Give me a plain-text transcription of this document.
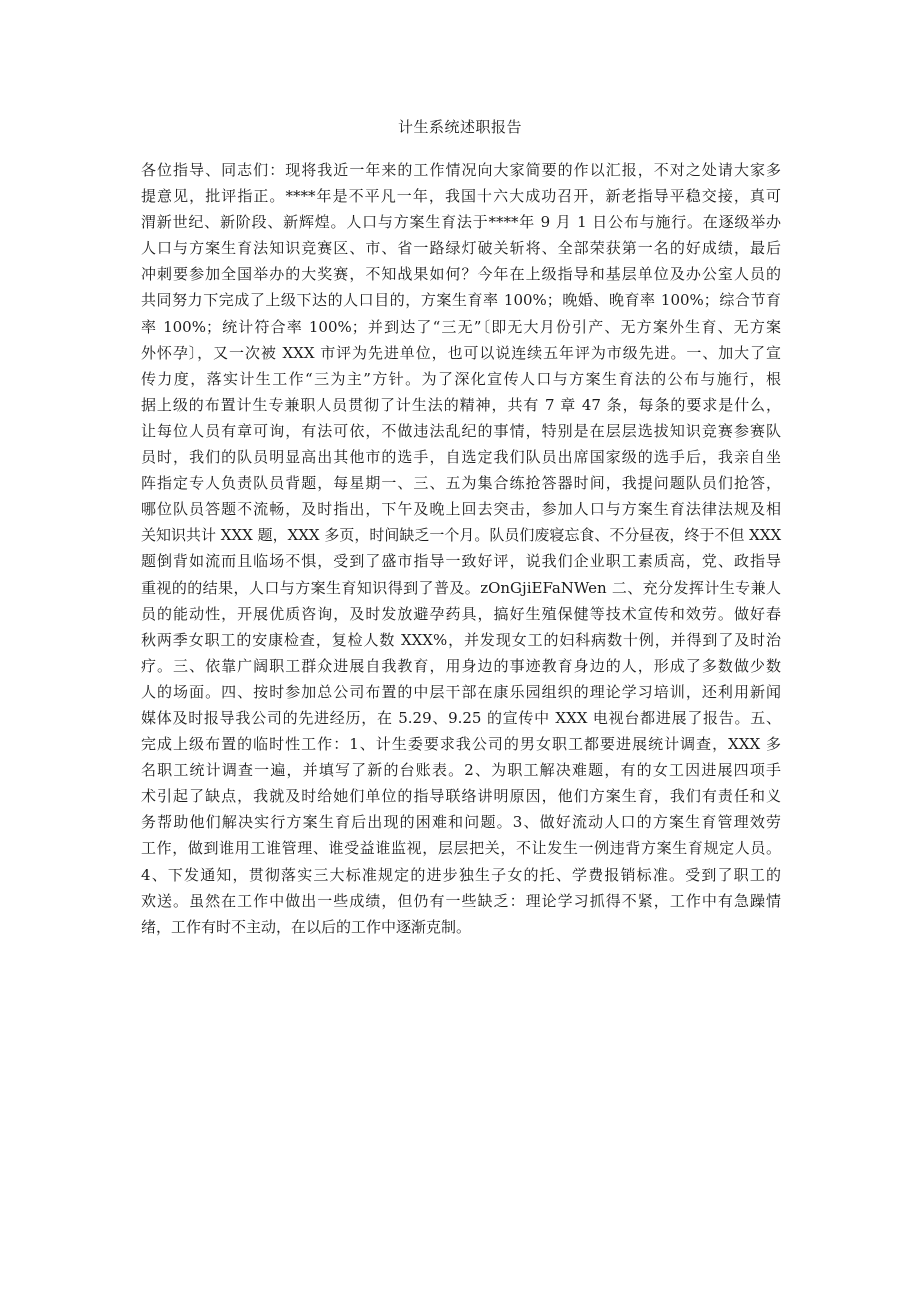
计生系统述职报告
各位指导、同志们：现将我近一年来的工作情况向大家简要的作以汇报，不对之处请大家多
提意见，批评指正。****年是不平凡一年，我国十六大成功召开，新老指导平稳交接，真可
渭新世纪、新阶段、新辉煌。人口与方案生育法于****年 9 月 1 日公布与施行。在逐级举办
人口与方案生育法知识竞赛区、市、省一路绿灯破关斩将、全部荣获第一名的好成绩，最后
冲刺要参加全国举办的大奖赛，不知战果如何？今年在上级指导和基层单位及办公室人员的
共同努力下完成了上级下达的人口目的，方案生育率 100%；晚婚、晚育率 100%；综合节育
率 100%；统计符合率 100%；并到达了“三无”〔即无大月份引产、无方案外生育、无方案
外怀孕〕，又一次被 XXX 市评为先进单位，也可以说连续五年评为市级先进。一、加大了宣
传力度，落实计生工作“三为主”方针。为了深化宣传人口与方案生育法的公布与施行，根
据上级的布置计生专兼职人员贯彻了计生法的精神，共有 7 章 47 条，每条的要求是什么，
让每位人员有章可询，有法可依，不做违法乱纪的事情，特别是在层层选拔知识竞赛参赛队
员时，我们的队员明显高出其他市的选手，自选定我们队员出席国家级的选手后，我亲自坐
阵指定专人负责队员背题，每星期一、三、五为集合练抢答器时间，我提问题队员们抢答，
哪位队员答题不流畅，及时指出，下午及晚上回去突击，参加人口与方案生育法律法规及相
关知识共计 XXX 题，XXX 多页，时间缺乏一个月。队员们废寝忘食、不分昼夜，终于不但 XXX
题倒背如流而且临场不惧，受到了盛市指导一致好评，说我们企业职工素质高，党、政指导
重视的的结果，人口与方案生育知识得到了普及。zOnGjiEFaNWen 二、充分发挥计生专兼人
员的能动性，开展优质咨询，及时发放避孕药具，搞好生殖保健等技术宣传和效劳。做好春
秋两季女职工的安康检查，复检人数 XXX%，并发现女工的妇科病数十例，并得到了及时治
疗。三、依靠广阔职工群众进展自我教育，用身边的事迹教育身边的人，形成了多数做少数
人的场面。四、按时参加总公司布置的中层干部在康乐园组织的理论学习培训，还利用新闻
媒体及时报导我公司的先进经历，在 5.29、9.25 的宣传中 XXX 电视台都进展了报告。五、
完成上级布置的临时性工作：1、计生委要求我公司的男女职工都要进展统计调查，XXX 多
名职工统计调查一遍，并填写了新的台账表。2、为职工解决难题，有的女工因进展四项手
术引起了缺点，我就及时给她们单位的指导联络讲明原因，他们方案生育，我们有责任和义
务帮助他们解决实行方案生育后出现的困难和问题。3、做好流动人口的方案生育管理效劳
工作，做到谁用工谁管理、谁受益谁监视，层层把关，不让发生一例违背方案生育规定人员。
4、下发通知，贯彻落实三大标准规定的进步独生子女的托、学费报销标准。受到了职工的
欢送。虽然在工作中做出一些成绩，但仍有一些缺乏：理论学习抓得不紧，工作中有急躁情
绪，工作有时不主动，在以后的工作中逐渐克制。
